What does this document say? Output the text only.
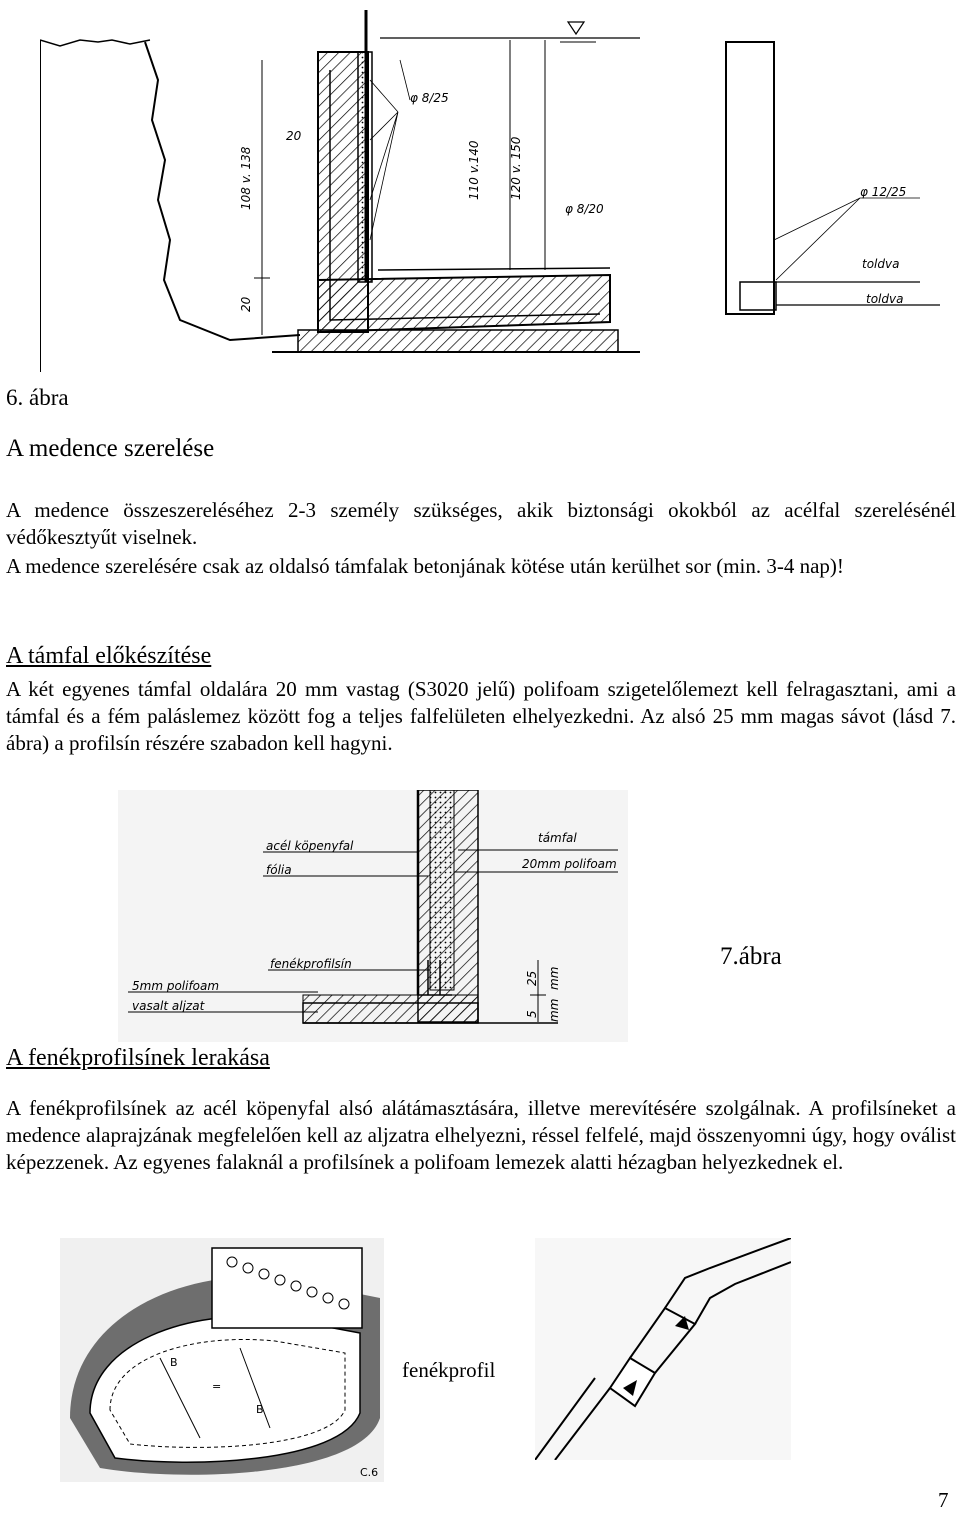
φ 8/25
φ 8/20
20
108 v. 138
20
110 v.140 120 v. 150	φ 12/25
toldva
toldva
6. ábra
A medence szerelése
A medence összeszereléséhez 2-3 személy szükséges, akik biztonsági okokból az acélfal szerelésénél védőkesztyűt viselnek.
A medence szerelésére csak az oldalsó támfalak betonjának kötése után kerülhet sor (min. 3-4 nap)!
A támfal előkészítése
A két egyenes támfal oldalára 20 mm vastag (S3020 jelű) polifoam szigetelőlemezt kell felragasztani, ami a támfal és a fém paláslemez között fog a teljes falfelületen elhelyezkedni. Az alsó 25 mm magas sávot (lásd 7. ábra) a profilsín részére szabadon kell hagyni.
acél köpenyfal
fólia
támfal
20mm polifoam
fenékprofilsín
5mm polifoam
vasalt aljzat
25 mm
5 mm
7.ábra
A fenékprofilsínek lerakása
A fenékprofilsínek az acél köpenyfal alsó alátámasztására, illetve merevítésére szolgálnak. A profilsíneket a medence alaprajzának megfelelően kell az aljzatra elhelyezni, réssel felfelé, majd összenyomni úgy, hogy oválist képezzenek. Az egyenes falaknál a profilsínek a polifoam lemezek alatti hézagban helyezkednek el.
B
=
B
C.6
fenékprofil
7
